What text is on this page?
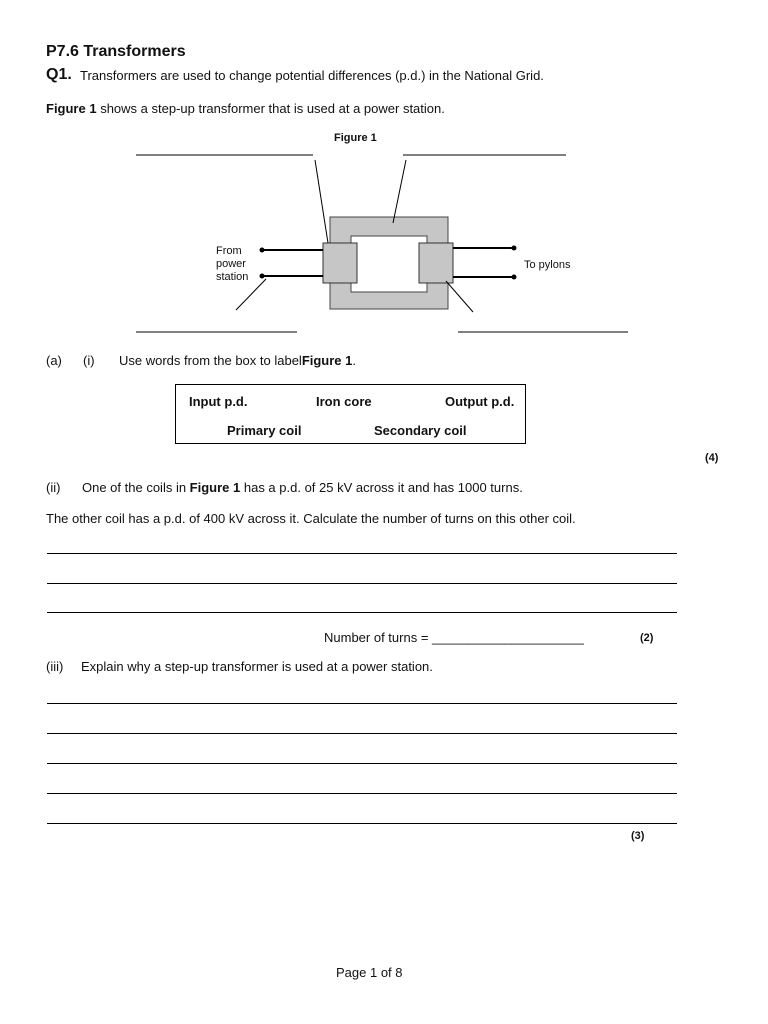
P7.6 Transformers
Q1. Transformers are used to change potential differences (p.d.) in the National Grid.
Figure 1 shows a step-up transformer that is used at a power station.
Figure 1
From
power
station
To pylons
(a) (i) Use words from the box to labelFigure 1.
Input p.d.	Iron core	Output p.d.
Primary coil	Secondary coil
(4)
(ii) One of the coils in Figure 1 has a p.d. of 25 kV across it and has 1000 turns.
The other coil has a p.d. of 400 kV across it. Calculate the number of turns on this other coil.
Number of turns = _____________________	(2)
(iii) Explain why a step-up transformer is used at a power station.
(3)
Page 1 of 8
